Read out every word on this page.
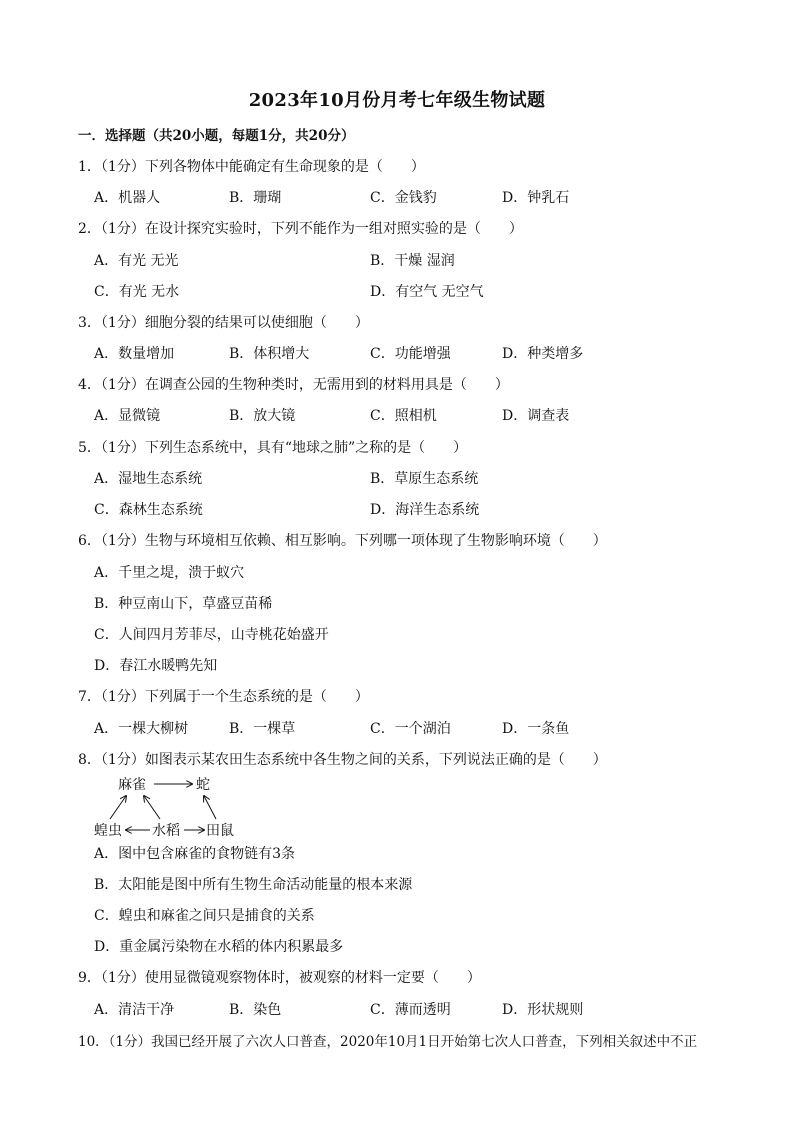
2023年10月份月考七年级生物试题
一．选择题（共20小题，每题1分，共20分）
1．（1分）下列各物体中能确定有生命现象的是（　　）
A．机器人	B．珊瑚	C．金钱豹	D．钟乳石
2．（1分）在设计探究实验时，下列不能作为一组对照实验的是（　　）
A．有光 无光	B．干燥 湿润
C．有光 无水	D．有空气 无空气
3．（1分）细胞分裂的结果可以使细胞（　　）
A．数量增加	B．体积增大	C．功能增强	D．种类增多
4．（1分）在调查公园的生物种类时，无需用到的材料用具是（　　）
A．显微镜	B．放大镜	C．照相机	D．调查表
5．（1分）下列生态系统中，具有“地球之肺”之称的是（　　）
A．湿地生态系统	B．草原生态系统
C．森林生态系统	D．海洋生态系统
6．（1分）生物与环境相互依赖、相互影响。下列哪一项体现了生物影响环境（　　）
A．千里之堤，溃于蚁穴
B．种豆南山下，草盛豆苗稀
C．人间四月芳菲尽，山寺桃花始盛开
D．春江水暖鸭先知
7．（1分）下列属于一个生态系统的是（　　）
A．一棵大柳树	B．一棵草	C．一个湖泊	D．一条鱼
8．（1分）如图表示某农田生态系统中各生物之间的关系，下列说法正确的是（　　）
麻雀	蛇
蝗虫 水稻 田鼠
A．图中包含麻雀的食物链有3条
B．太阳能是图中所有生物生命活动能量的根本来源
C．蝗虫和麻雀之间只是捕食的关系
D．重金属污染物在水稻的体内积累最多
9．（1分）使用显微镜观察物体时，被观察的材料一定要（　　）
A．清洁干净	B．染色	C．薄而透明	D．形状规则
10．（1分）我国已经开展了六次人口普查，2020年10月1日开始第七次人口普查，下列相关叙述中不正
